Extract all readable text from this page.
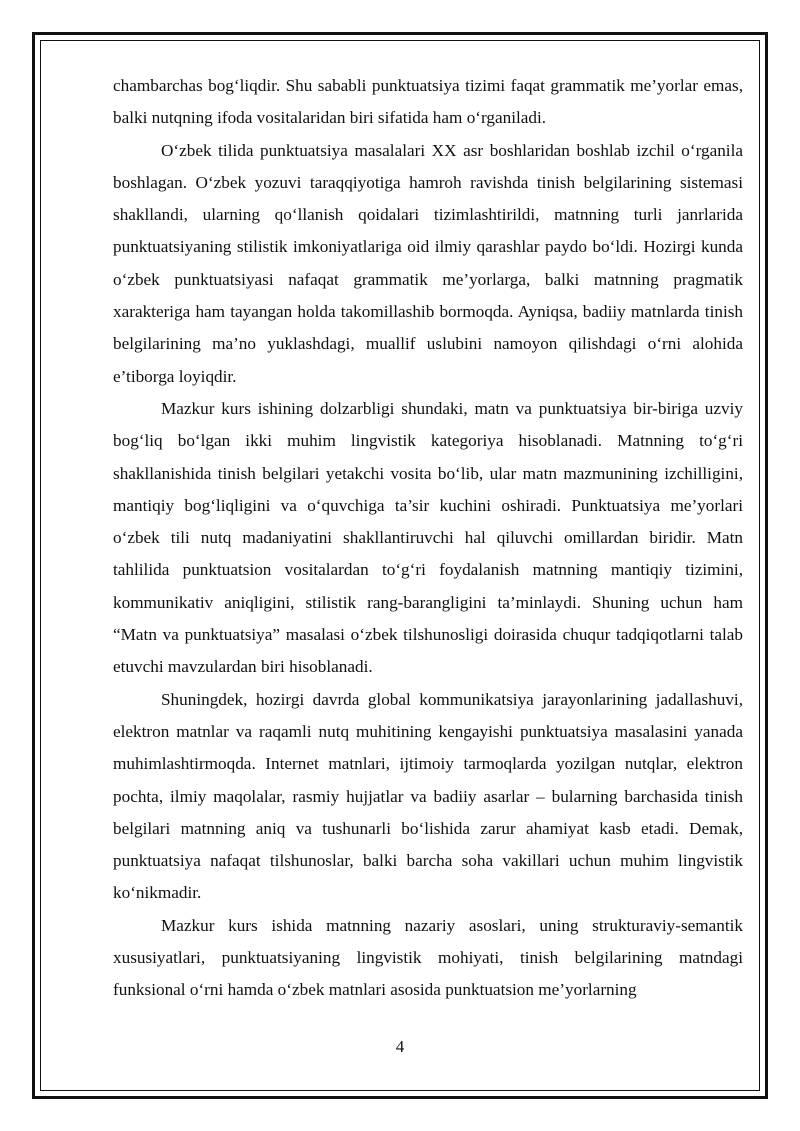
chambarchas bog‘liqdir. Shu sababli punktuatsiya tizimi faqat grammatik me’yorlar emas, balki nutqning ifoda vositalaridan biri sifatida ham o‘rganiladi.

O‘zbek tilida punktuatsiya masalalari XX asr boshlaridan boshlab izchil o‘rganila boshlagan. O‘zbek yozuvi taraqqiyotiga hamroh ravishda tinish belgilarining sistemasi shakllandi, ularning qo‘llanish qoidalari tizimlashtirildi, matnning turli janrlarida punktuatsiyaning stilistik imkoniyatlariga oid ilmiy qarashlar paydo bo‘ldi. Hozirgi kunda o‘zbek punktuatsiyasi nafaqat grammatik me’yorlarga, balki matnning pragmatik xarakteriga ham tayangan holda takomillashib bormoqda. Ayniqsa, badiiy matnlarda tinish belgilarining ma’no yuklashdagi, muallif uslubini namoyon qilishdagi o‘rni alohida e’tiborga loyiqdir.

Mazkur kurs ishining dolzarbligi shundaki, matn va punktuatsiya bir-biriga uzviy bog‘liq bo‘lgan ikki muhim lingvistik kategoriya hisoblanadi. Matnning to‘g‘ri shakllanishida tinish belgilari yetakchi vosita bo‘lib, ular matn mazmunining izchilligini, mantiqiy bog‘liqligini va o‘quvchiga ta’sir kuchini oshiradi. Punktuatsiya me’yorlari o‘zbek tili nutq madaniyatini shakllantiruvchi hal qiluvchi omillardan biridir. Matn tahlilida punktuatsion vositalardan to‘g‘ri foydalanish matnning mantiqiy tizimini, kommunikativ aniqligini, stilistik rang-barangligini ta’minlaydi. Shuning uchun ham “Matn va punktuatsiya” masalasi o‘zbek tilshunosligi doirasida chuqur tadqiqotlarni talab etuvchi mavzulardan biri hisoblanadi.

Shuningdek, hozirgi davrda global kommunikatsiya jarayonlarining jadallashuvi, elektron matnlar va raqamli nutq muhitining kengayishi punktuatsiya masalasini yanada muhimlashtirmoqda. Internet matnlari, ijtimoiy tarmoqlarda yozilgan nutqlar, elektron pochta, ilmiy maqolalar, rasmiy hujjatlar va badiiy asarlar – bularning barchasida tinish belgilari matnning aniq va tushunarli bo‘lishida zarur ahamiyat kasb etadi. Demak, punktuatsiya nafaqat tilshunoslar, balki barcha soha vakillari uchun muhim lingvistik ko‘nikmadir.

Mazkur kurs ishida matnning nazariy asoslari, uning strukturaviy-semantik xususiyatlari, punktuatsiyaning lingvistik mohiyati, tinish belgilarining matndagi funksional o‘rni hamda o‘zbek matnlari asosida punktuatsion me’yorlarning

4
